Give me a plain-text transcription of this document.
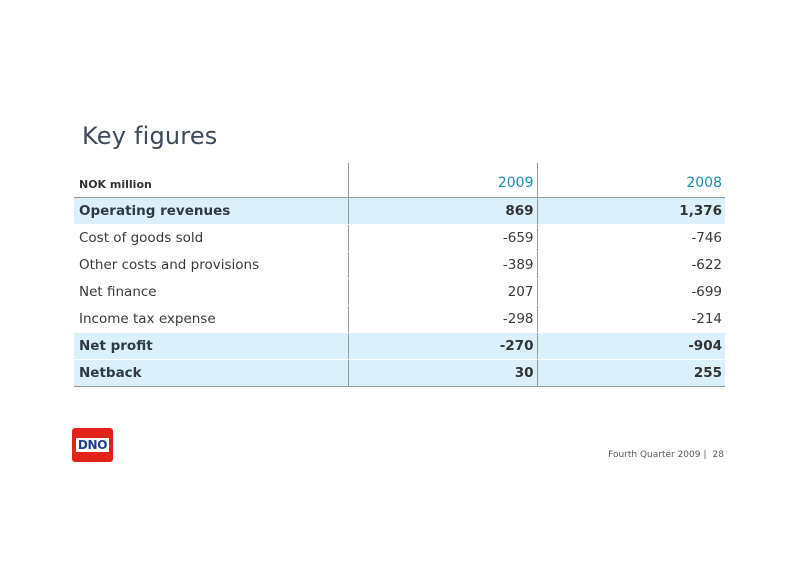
Key figures
NOK million	2009	2008
Operating revenues	869	1,376
Cost of goods sold	-659	-746
Other costs and provisions	-389	-622
Net finance	207	-699
Income tax expense	-298	-214
Net profit	-270	-904
Netback	30	255
DNO
Fourth Quarter 2009 | 28
